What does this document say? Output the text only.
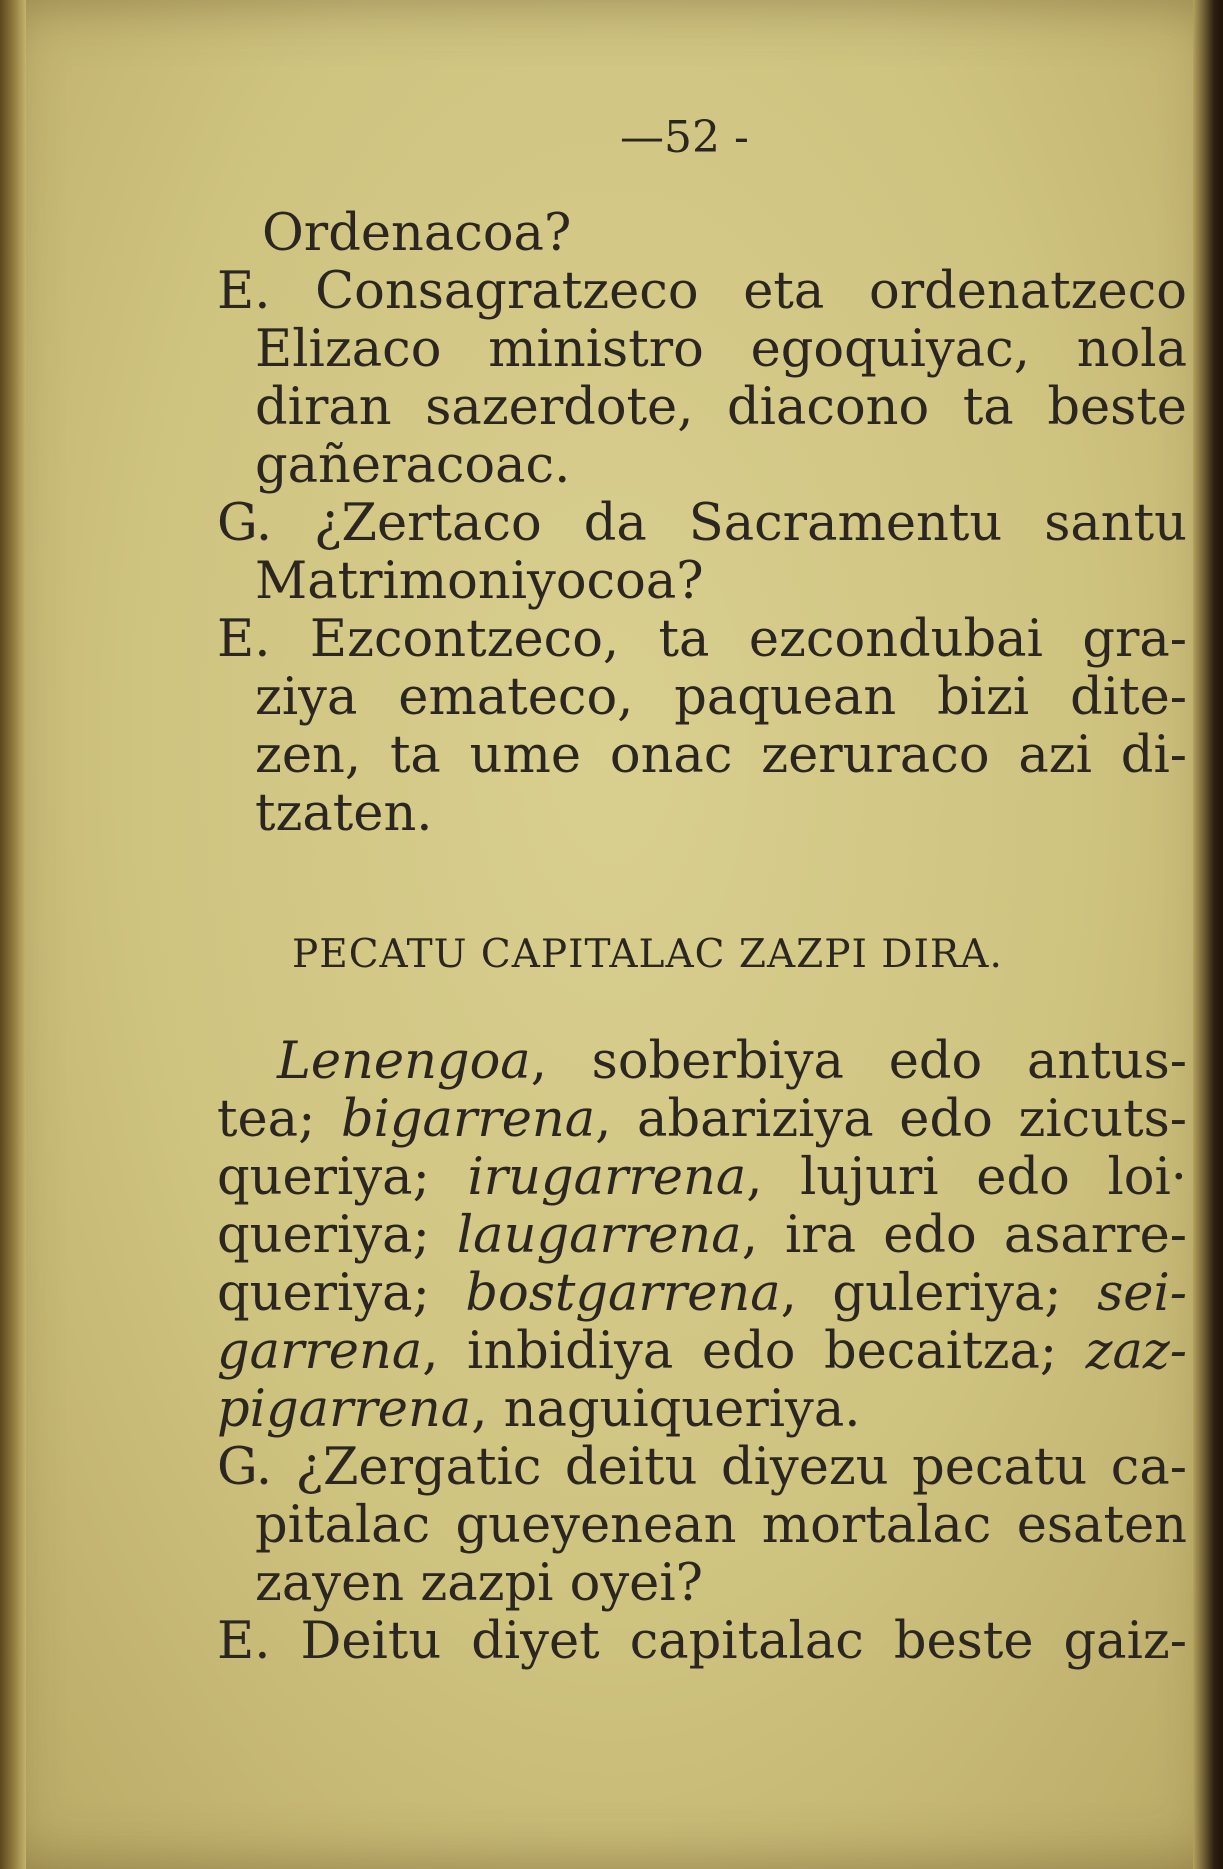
—52 -
Ordenacoa?
E. Consagratzeco eta ordenatzeco
Elizaco ministro egoquiyac, nola
diran sazerdote, diacono ta beste
gañeracoac.
G. ¿Zertaco da Sacramentu santu
Matrimoniyocoa?
E. Ezcontzeco, ta ezcondubai gra-
ziya emateco, paquean bizi dite-
zen, ta ume onac zeruraco azi di-
tzaten.
PECATU CAPITALAC ZAZPI DIRA.
Lenengoa, soberbiya edo antus-
tea; bigarrena, abariziya edo zicuts-
queriya; irugarrena, lujuri edo loi·
queriya; laugarrena, ira edo asarre-
queriya; bostgarrena, guleriya; sei-
garrena, inbidiya edo becaitza; zaz-
pigarrena, naguiqueriya.
G. ¿Zergatic deitu diyezu pecatu ca-
pitalac gueyenean mortalac esaten
zayen zazpi oyei?
E. Deitu diyet capitalac beste gaiz-
